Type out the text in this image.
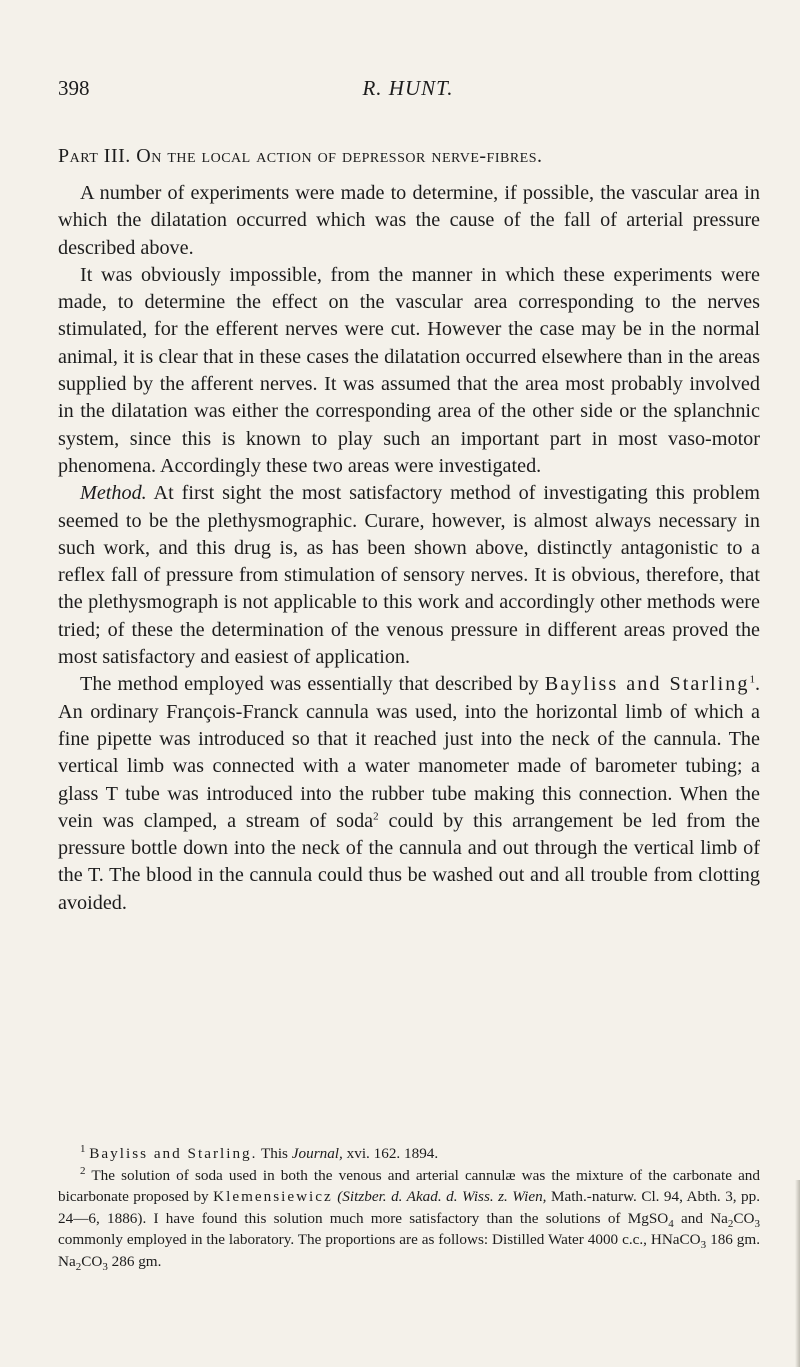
398	R. HUNT.
Part III. On the local action of depressor nerve-fibres.

A number of experiments were made to determine, if possible, the vascular area in which the dilatation occurred which was the cause of the fall of arterial pressure described above.

It was obviously impossible, from the manner in which these experiments were made, to determine the effect on the vascular area corresponding to the nerves stimulated, for the efferent nerves were cut. However the case may be in the normal animal, it is clear that in these cases the dilatation occurred elsewhere than in the areas supplied by the afferent nerves. It was assumed that the area most probably involved in the dilatation was either the corresponding area of the other side or the splanchnic system, since this is known to play such an important part in most vaso-motor phenomena. Accordingly these two areas were investigated.

Method. At first sight the most satisfactory method of investigating this problem seemed to be the plethysmographic. Curare, however, is almost always necessary in such work, and this drug is, as has been shown above, distinctly antagonistic to a reflex fall of pressure from stimulation of sensory nerves. It is obvious, therefore, that the plethysmograph is not applicable to this work and accordingly other methods were tried; of these the determination of the venous pressure in different areas proved the most satisfactory and easiest of application.

The method employed was essentially that described by Bayliss and Starling$^1$. An ordinary François-Franck cannula was used, into the horizontal limb of which a fine pipette was introduced so that it reached just into the neck of the cannula. The vertical limb was connected with a water manometer made of barometer tubing; a glass T tube was introduced into the rubber tube making this connection. When the vein was clamped, a stream of soda$^2$ could by this arrangement be led from the pressure bottle down into the neck of the cannula and out through the vertical limb of the T. The blood in the cannula could thus be washed out and all trouble from clotting avoided.

$^1$ Bayliss and Starling. This Journal, xvi. 162. 1894.

$^2$ The solution of soda used in both the venous and arterial cannulæ was the mixture of the carbonate and bicarbonate proposed by Klemensiewicz (Sitzber. d. Akad. d. Wiss. z. Wien, Math.-naturw. Cl. 94, Abth. 3, pp. 24—6, 1886). I have found this solution much more satisfactory than the solutions of MgSO$_4$ and $Na_2CO_3$ commonly employed in the laboratory. The proportions are as follows: Distilled Water 4000 c.c., HNaCO$_3$ 186 gm. $Na_2CO_3$ 286 gm.
